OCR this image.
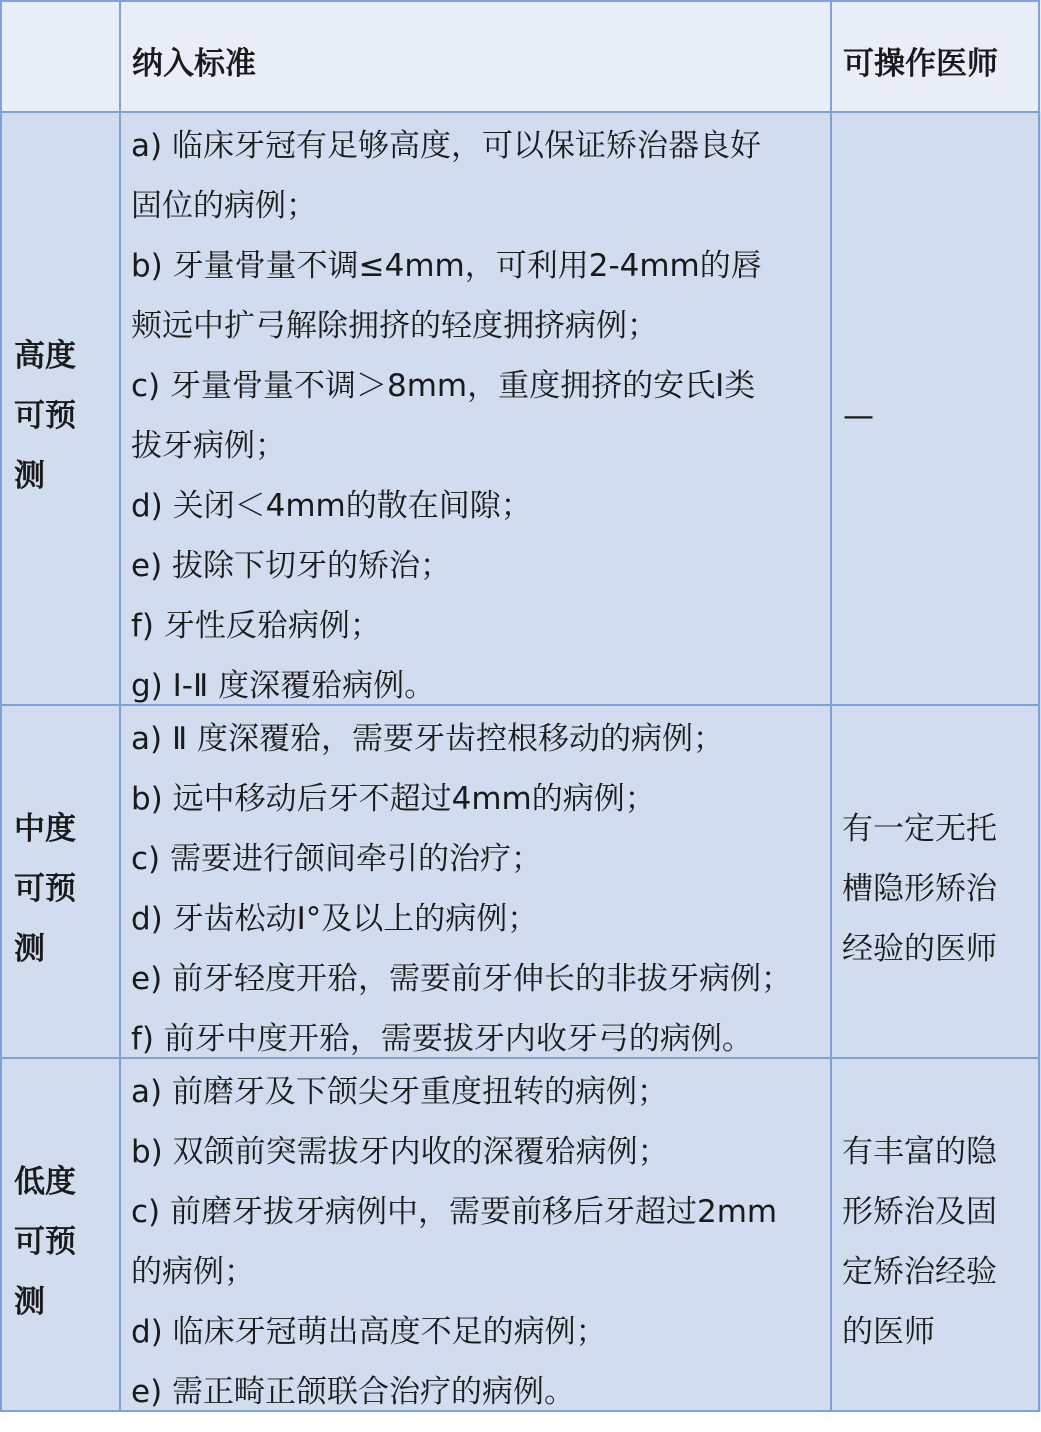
纳入标准	可操作医师
高度
可预
测
a) 临床牙冠有足够高度，可以保证矫治器良好
固位的病例；
b) 牙量骨量不调≤4mm，可利用2-4mm的唇
颊远中扩弓解除拥挤的轻度拥挤病例；
c) 牙量骨量不调＞8mm，重度拥挤的安氏Ⅰ类
拔牙病例；
d) 关闭＜4mm的散在间隙；
e) 拔除下切牙的矫治；
f) 牙性反𬌗病例；
g) Ⅰ-Ⅱ 度深覆𬌗病例。
—
中度
可预
测
a) Ⅱ 度深覆𬌗，需要牙齿控根移动的病例；
b) 远中移动后牙不超过4mm的病例；
c) 需要进行颌间牵引的治疗；
d) 牙齿松动Ⅰ°及以上的病例；
e) 前牙轻度开𬌗，需要前牙伸长的非拔牙病例；
f) 前牙中度开𬌗，需要拔牙内收牙弓的病例。
有一定无托
槽隐形矫治
经验的医师
低度
可预
测
a) 前磨牙及下颌尖牙重度扭转的病例；
b) 双颌前突需拔牙内收的深覆𬌗病例；
c) 前磨牙拔牙病例中，需要前移后牙超过2mm
的病例；
d) 临床牙冠萌出高度不足的病例；
e) 需正畸正颌联合治疗的病例。
有丰富的隐
形矫治及固
定矫治经验
的医师
